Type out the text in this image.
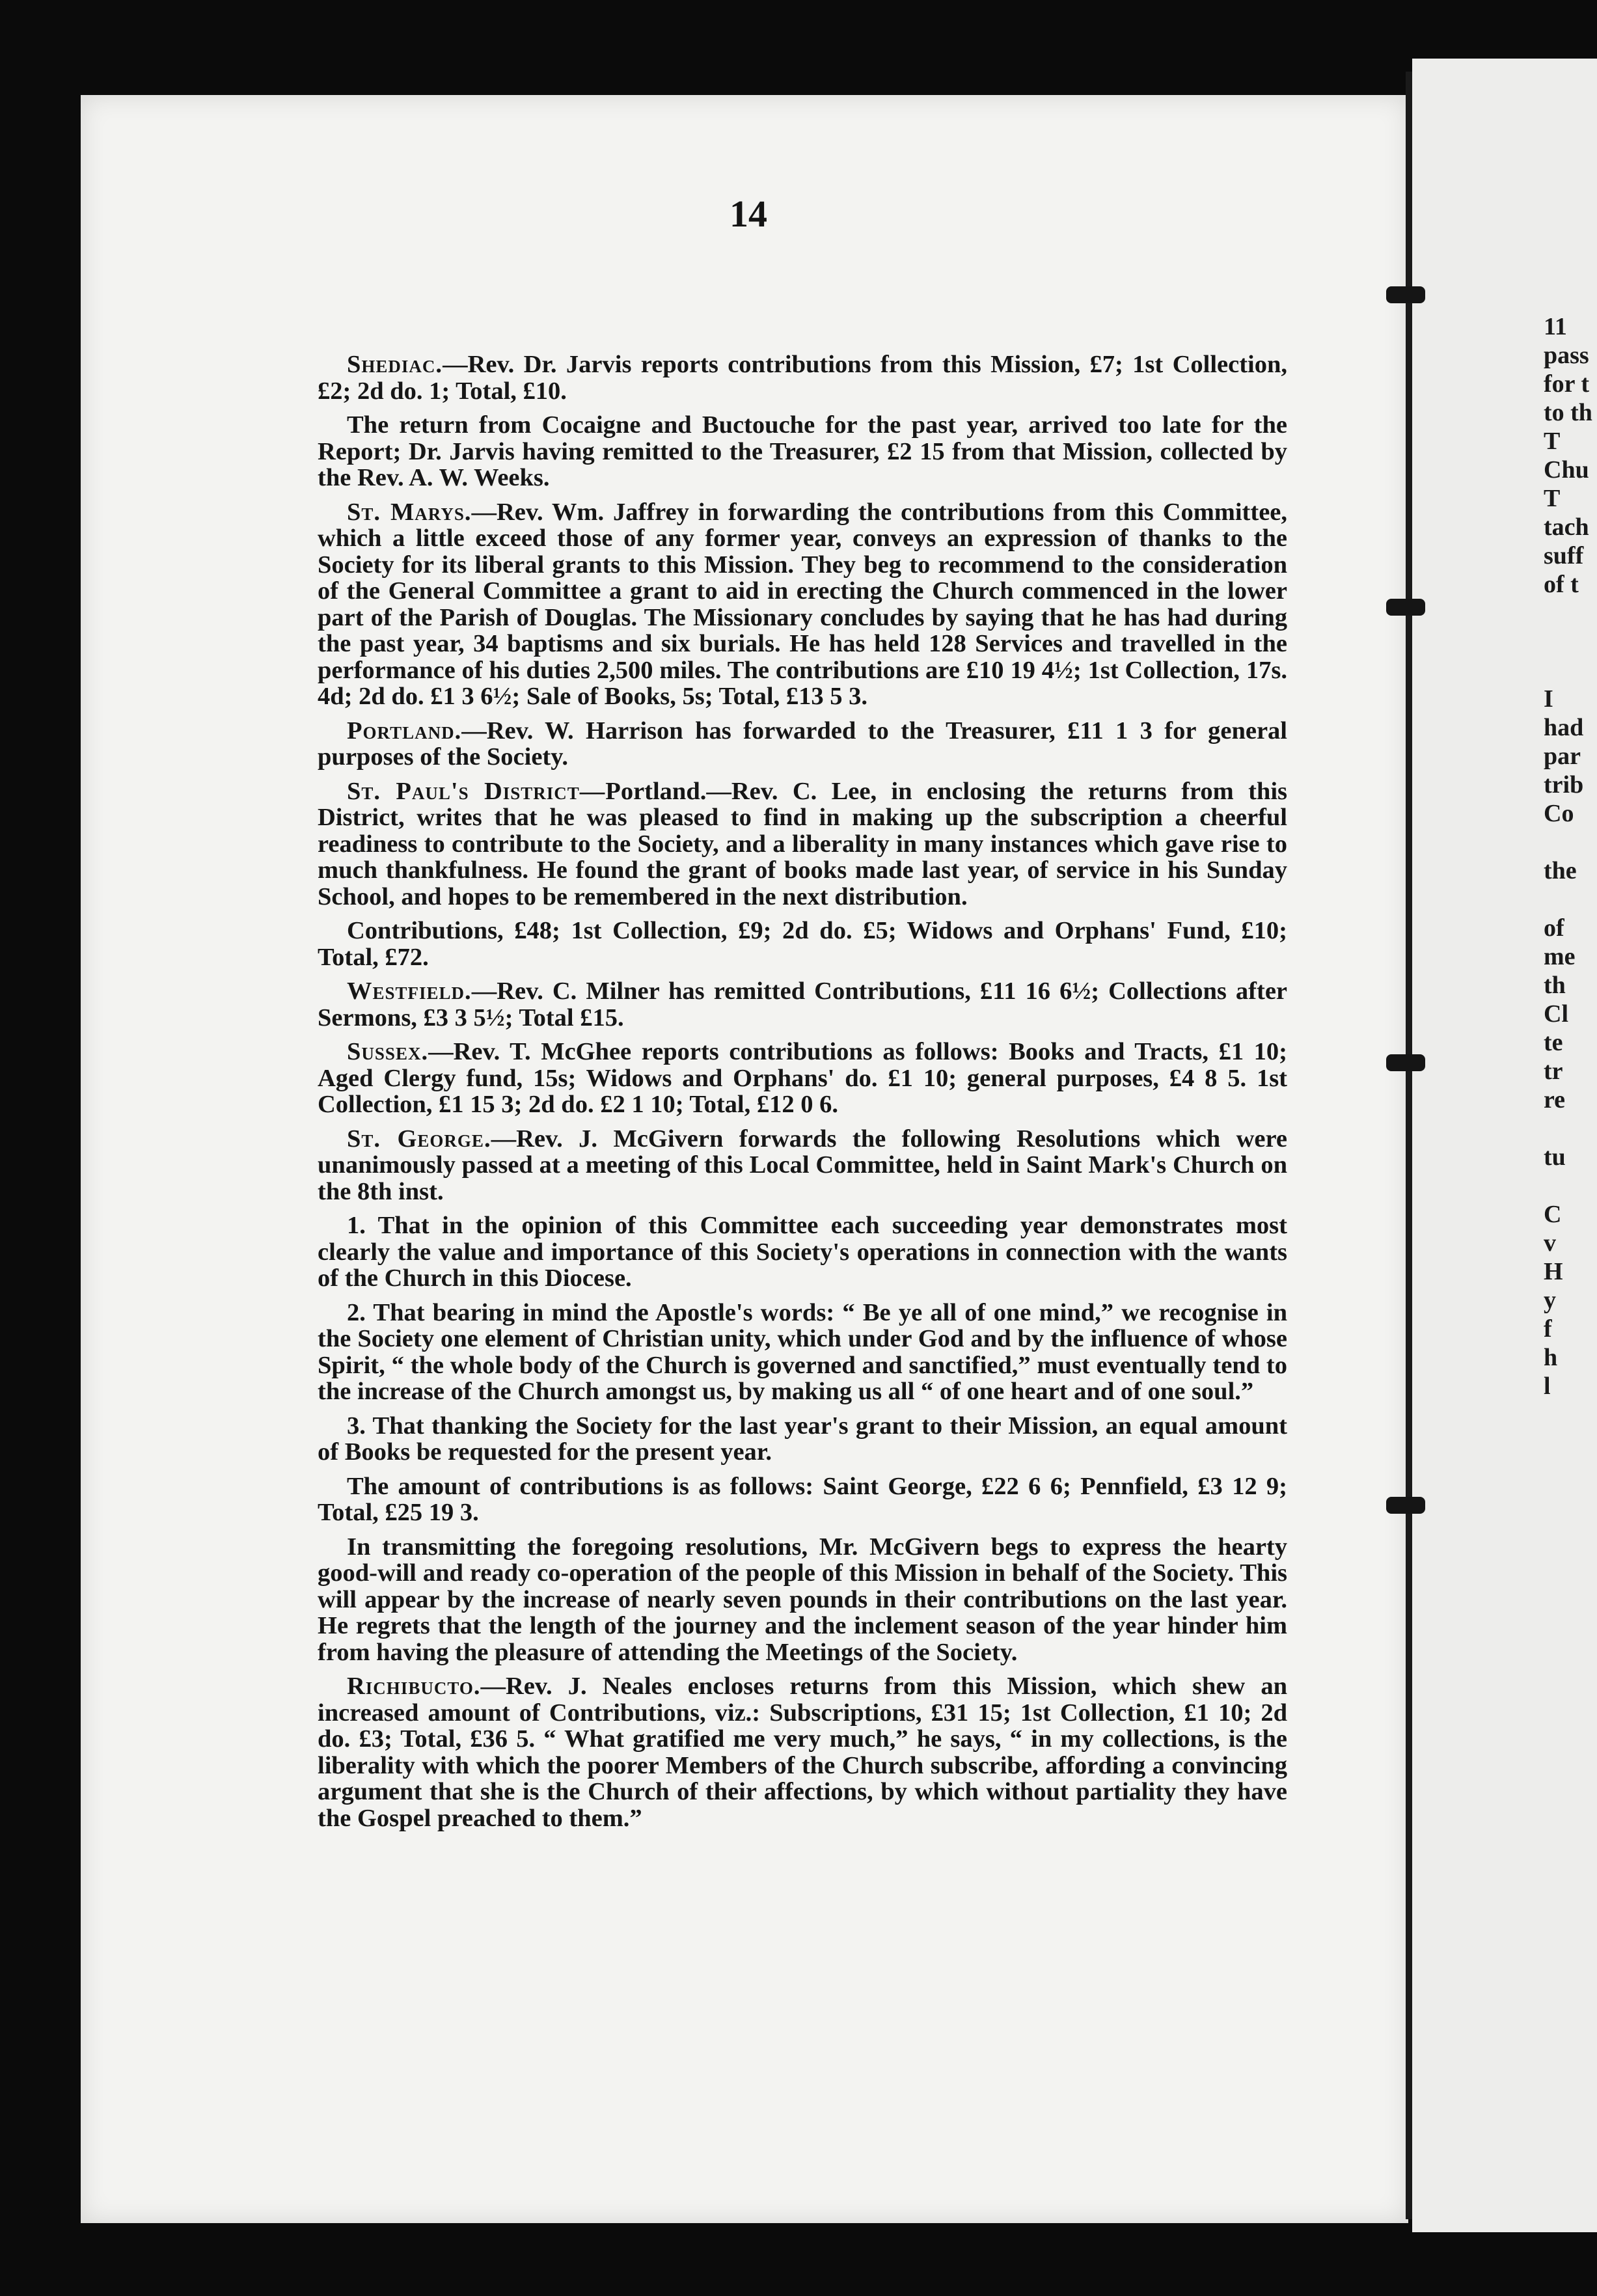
14

Shediac.—Rev. Dr. Jarvis reports contributions from this Mission, £7; 1st Collection, £2; 2d do. 1; Total, £10.

The return from Cocaigne and Buctouche for the past year, arrived too late for the Report; Dr. Jarvis having remitted to the Treasurer, £2 15 from that Mission, collected by the Rev. A. W. Weeks.

St. Marys.—Rev. Wm. Jaffrey in forwarding the contributions from this Committee, which a little exceed those of any former year, conveys an expression of thanks to the Society for its liberal grants to this Mission. They beg to recommend to the consideration of the General Committee a grant to aid in erecting the Church commenced in the lower part of the Parish of Douglas. The Missionary concludes by saying that he has had during the past year, 34 baptisms and six burials. He has held 128 Services and travelled in the performance of his duties 2,500 miles. The contributions are £10 19 4½; 1st Collection, 17s. 4d; 2d do. £1 3 6½; Sale of Books, 5s; Total, £13 5 3.

Portland.—Rev. W. Harrison has forwarded to the Treasurer, £11 1 3 for general purposes of the Society.

St. Paul's District—Portland.—Rev. C. Lee, in enclosing the returns from this District, writes that he was pleased to find in making up the subscription a cheerful readiness to contribute to the Society, and a liberality in many instances which gave rise to much thankfulness. He found the grant of books made last year, of service in his Sunday School, and hopes to be remembered in the next distribution.

Contributions, £48; 1st Collection, £9; 2d do. £5; Widows and Orphans' Fund, £10; Total, £72.

Westfield.—Rev. C. Milner has remitted Contributions, £11 16 6½; Collections after Sermons, £3 3 5½; Total £15.

Sussex.—Rev. T. McGhee reports contributions as follows: Books and Tracts, £1 10; Aged Clergy fund, 15s; Widows and Orphans' do. £1 10; general purposes, £4 8 5. 1st Collection, £1 15 3; 2d do. £2 1 10; Total, £12 0 6.

St. George.—Rev. J. McGivern forwards the following Resolutions which were unanimously passed at a meeting of this Local Committee, held in Saint Mark's Church on the 8th inst.

1. That in the opinion of this Committee each succeeding year demonstrates most clearly the value and importance of this Society's operations in connection with the wants of the Church in this Diocese.

2. That bearing in mind the Apostle's words: “ Be ye all of one mind,” we recognise in the Society one element of Christian unity, which under God and by the influence of whose Spirit, “ the whole body of the Church is governed and sanctified,” must eventually tend to the increase of the Church amongst us, by making us all “ of one heart and of one soul.”

3. That thanking the Society for the last year's grant to their Mission, an equal amount of Books be requested for the present year.

The amount of contributions is as follows: Saint George, £22 6 6; Pennfield, £3 12 9; Total, £25 19 3.

In transmitting the foregoing resolutions, Mr. McGivern begs to express the hearty good-will and ready co-operation of the people of this Mission in behalf of the Society. This will appear by the increase of nearly seven pounds in their contributions on the last year. He regrets that the length of the journey and the inclement season of the year hinder him from having the pleasure of attending the Meetings of the Society.

Richibucto.—Rev. J. Neales encloses returns from this Mission, which shew an increased amount of Contributions, viz.: Subscriptions, £31 15; 1st Collection, £1 10; 2d do. £3; Total, £36 5. “ What gratified me very much,” he says, “ in my collections, is the liberality with which the poorer Members of the Church subscribe, affording a convincing argument that she is the Church of their affections, by which without partiality they have the Gospel preached to them.”

11
pass
for t
to th
T
Chu
T
tach
suff
of t

I
had
par
trib
Co

the

of
me
th
Cl
te
tr
re

tu

C
v
H
y
f
h
l
